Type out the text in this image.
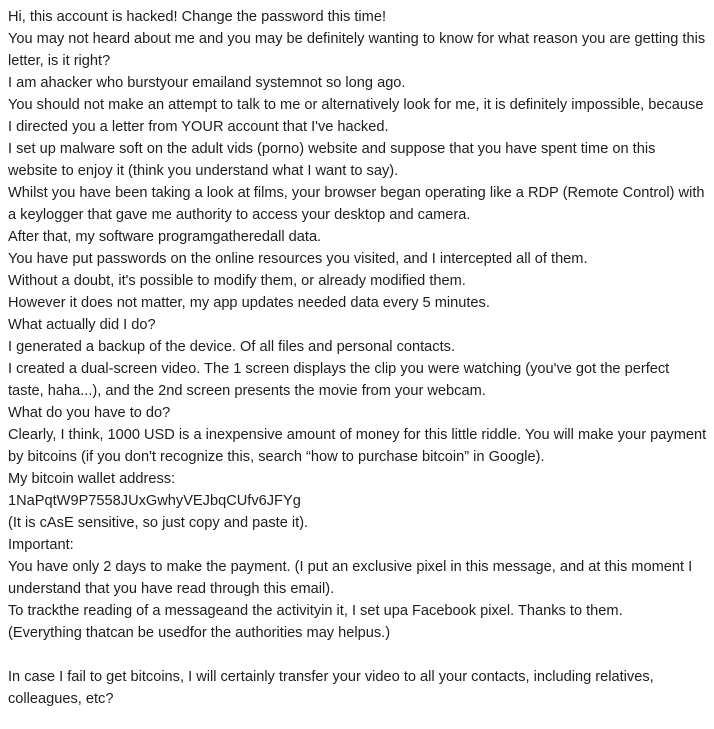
Hi, this account is hacked! Change the password this time!

You may not heard about me and you may be definitely wanting to know for what reason you are getting this letter, is it right?

I am ahacker who burstyour emailand systemnot so long ago.

You should not make an attempt to talk to me or alternatively look for me, it is definitely impossible, because I directed you a letter from YOUR account that I've hacked.

I set up malware soft on the adult vids (porno) website and suppose that you have spent time on this website to enjoy it (think you understand what I want to say).

Whilst you have been taking a look at films, your browser began operating like a RDP (Remote Control) with a keylogger that gave me authority to access your desktop and camera.

After that, my software programgatheredall data.

You have put passwords on the online resources you visited, and I intercepted all of them.

Without a doubt, it's possible to modify them, or already modified them.

However it does not matter, my app updates needed data every 5 minutes.

What actually did I do?

I generated a backup of the device. Of all files and personal contacts.

I created a dual-screen video. The 1 screen displays the clip you were watching (you've got the perfect taste, haha...), and the 2nd screen presents the movie from your webcam.

What do you have to do?

Clearly, I think, 1000 USD is a inexpensive amount of money for this little riddle. You will make your payment by bitcoins (if you don't recognize this, search “how to purchase bitcoin” in Google).

My bitcoin wallet address:

1NaPqtW9P7558JUxGwhyVEJbqCUfv6JFYg

(It is cAsE sensitive, so just copy and paste it).

Important:

You have only 2 days to make the payment. (I put an exclusive pixel in this message, and at this moment I understand that you have read through this email).

To trackthe reading of a messageand the activityin it, I set upa Facebook pixel. Thanks to them.

(Everything thatcan be usedfor the authorities may helpus.)

In case I fail to get bitcoins, I will certainly transfer your video to all your contacts, including relatives, colleagues, etc?
